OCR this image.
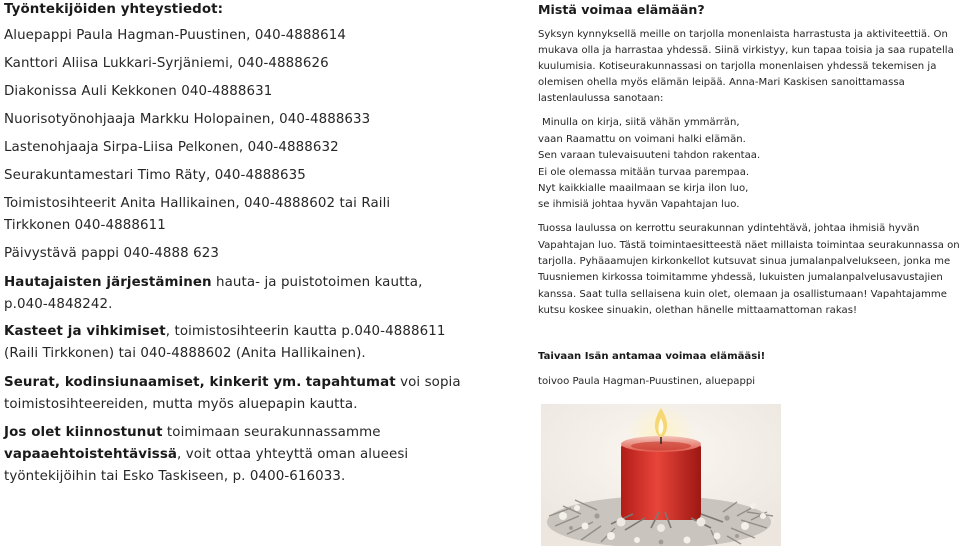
Työntekijöiden yhteystiedot:
Aluepappi Paula Hagman-Puustinen, 040-4888614
Kanttori Aliisa Lukkari-Syrjäniemi, 040-4888626
Diakonissa Auli Kekkonen 040-4888631
Nuorisotyönohjaaja Markku Holopainen, 040-4888633
Lastenohjaaja Sirpa-Liisa Pelkonen, 040-4888632
Seurakuntamestari Timo Räty, 040-4888635
Toimistosihteerit Anita Hallikainen, 040-4888602 tai Raili
Tirkkonen 040-4888611
Päivystävä pappi 040-4888 623
Hautajaisten järjestäminen hauta- ja puistotoimen kautta,
p.040-4848242.
Kasteet ja vihkimiset, toimistosihteerin kautta p.040-4888611
(Raili Tirkkonen) tai 040-4888602 (Anita Hallikainen).
Seurat, kodinsiunaamiset, kinkerit ym. tapahtumat voi sopia
toimistosihteereiden, mutta myös aluepapin kautta.
Jos olet kiinnostunut toimimaan seurakunnassamme
vapaaehtoistehtävissä, voit ottaa yhteyttä oman alueesi
työntekijöihin tai Esko Taskiseen, p. 0400-616033.
Mistä voimaa elämään?
Syksyn kynnyksellä meille on tarjolla monenlaista harrastusta ja aktiviteettiä. On
mukava olla ja harrastaa yhdessä. Siinä virkistyy, kun tapaa toisia ja saa rupatella
kuulumisia. Kotiseurakunnassasi on tarjolla monenlaisen yhdessä tekemisen ja
olemisen ohella myös elämän leipää. Anna-Mari Kaskisen sanoittamassa
lastenlaulussa sanotaan:
Minulla on kirja, siitä vähän ymmärrän,
vaan Raamattu on voimani halki elämän.
Sen varaan tulevaisuuteni tahdon rakentaa.
Ei ole olemassa mitään turvaa parempaa.
Nyt kaikkialle maailmaan se kirja ilon luo,
se ihmisiä johtaa hyvän Vapahtajan luo.
Tuossa laulussa on kerrottu seurakunnan ydintehtävä, johtaa ihmisiä hyvän
Vapahtajan luo. Tästä toimintaesitteestä näet millaista toimintaa seurakunnassa on
tarjolla. Pyhäaamujen kirkonkellot kutsuvat sinua jumalanpalvelukseen, jonka me
Tuusniemen kirkossa toimitamme yhdessä, lukuisten jumalanpalvelusavustajien
kanssa. Saat tulla sellaisena kuin olet, olemaan ja osallistumaan! Vapahtajamme
kutsu koskee sinuakin, olethan hänelle mittaamattoman rakas!
Taivaan Isän antamaa voimaa elämääsi!
toivoo Paula Hagman-Puustinen, aluepappi
